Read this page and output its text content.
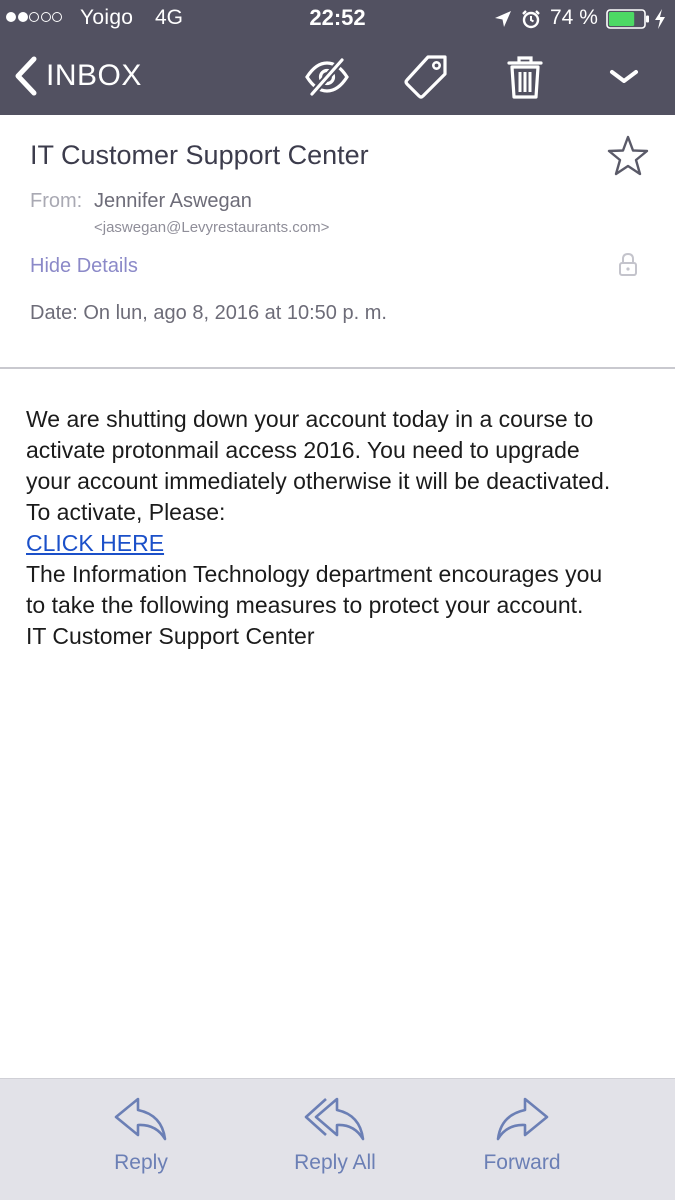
Yoigo 4G	22:52	74 %
INBOX
IT Customer Support Center
From: Jennifer Aswegan
<jaswegan@Levyrestaurants.com>
Hide Details
Date: On lun, ago 8, 2016 at 10:50 p. m.
We are shutting down your account today in a course to
activate protonmail access 2016. You need to upgrade
your account immediately otherwise it will be deactivated.
To activate, Please:
CLICK HERE
The Information Technology department encourages you
to take the following measures to protect your account.
IT Customer Support Center
Reply	Reply All	Forward
